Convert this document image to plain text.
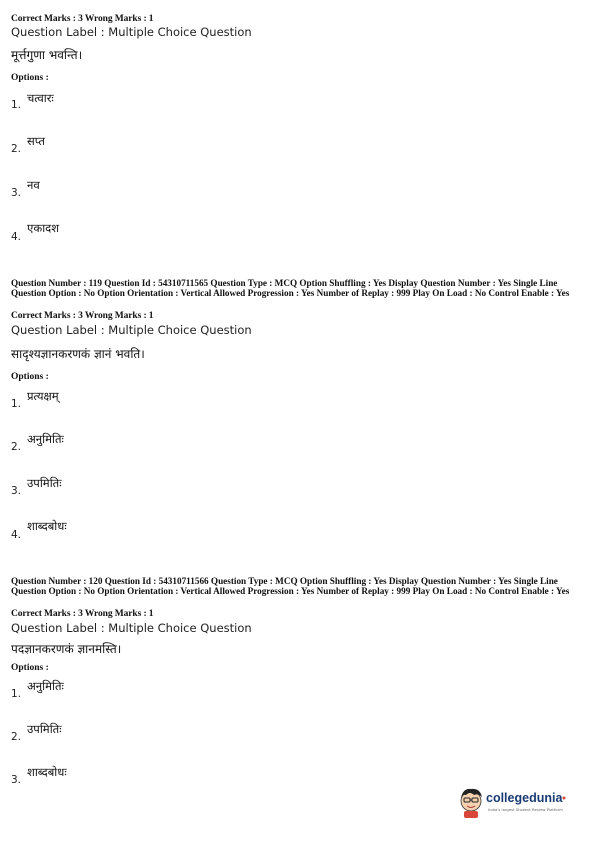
Correct Marks : 3 Wrong Marks : 1
Question Label : Multiple Choice Question
मूर्त्तगुणा भवन्ति।
Options :
चत्वारः
1.
सप्त
2.
नव
3.
एकादश
4.
Question Number : 119 Question Id : 54310711565 Question Type : MCQ Option Shuffling : Yes Display Question Number : Yes Single Line Question Option : No Option Orientation : Vertical Allowed Progression : Yes Number of Replay : 999 Play On Load : No Control Enable : Yes
Correct Marks : 3 Wrong Marks : 1
Question Label : Multiple Choice Question
सादृश्यज्ञानकरणकं ज्ञानं भवति।
Options :
प्रत्यक्षम्
1.
अनुमितिः
2.
उपमितिः
3.
शाब्दबोधः
4.
Question Number : 120 Question Id : 54310711566 Question Type : MCQ Option Shuffling : Yes Display Question Number : Yes Single Line Question Option : No Option Orientation : Vertical Allowed Progression : Yes Number of Replay : 999 Play On Load : No Control Enable : Yes
Correct Marks : 3 Wrong Marks : 1
Question Label : Multiple Choice Question
पदज्ञानकरणकं ज्ञानमस्ति।
Options :
अनुमितिः
1.
उपमितिः
2.
शाब्दबोधः
3.
collegedunia
India's largest Student Review Platform
